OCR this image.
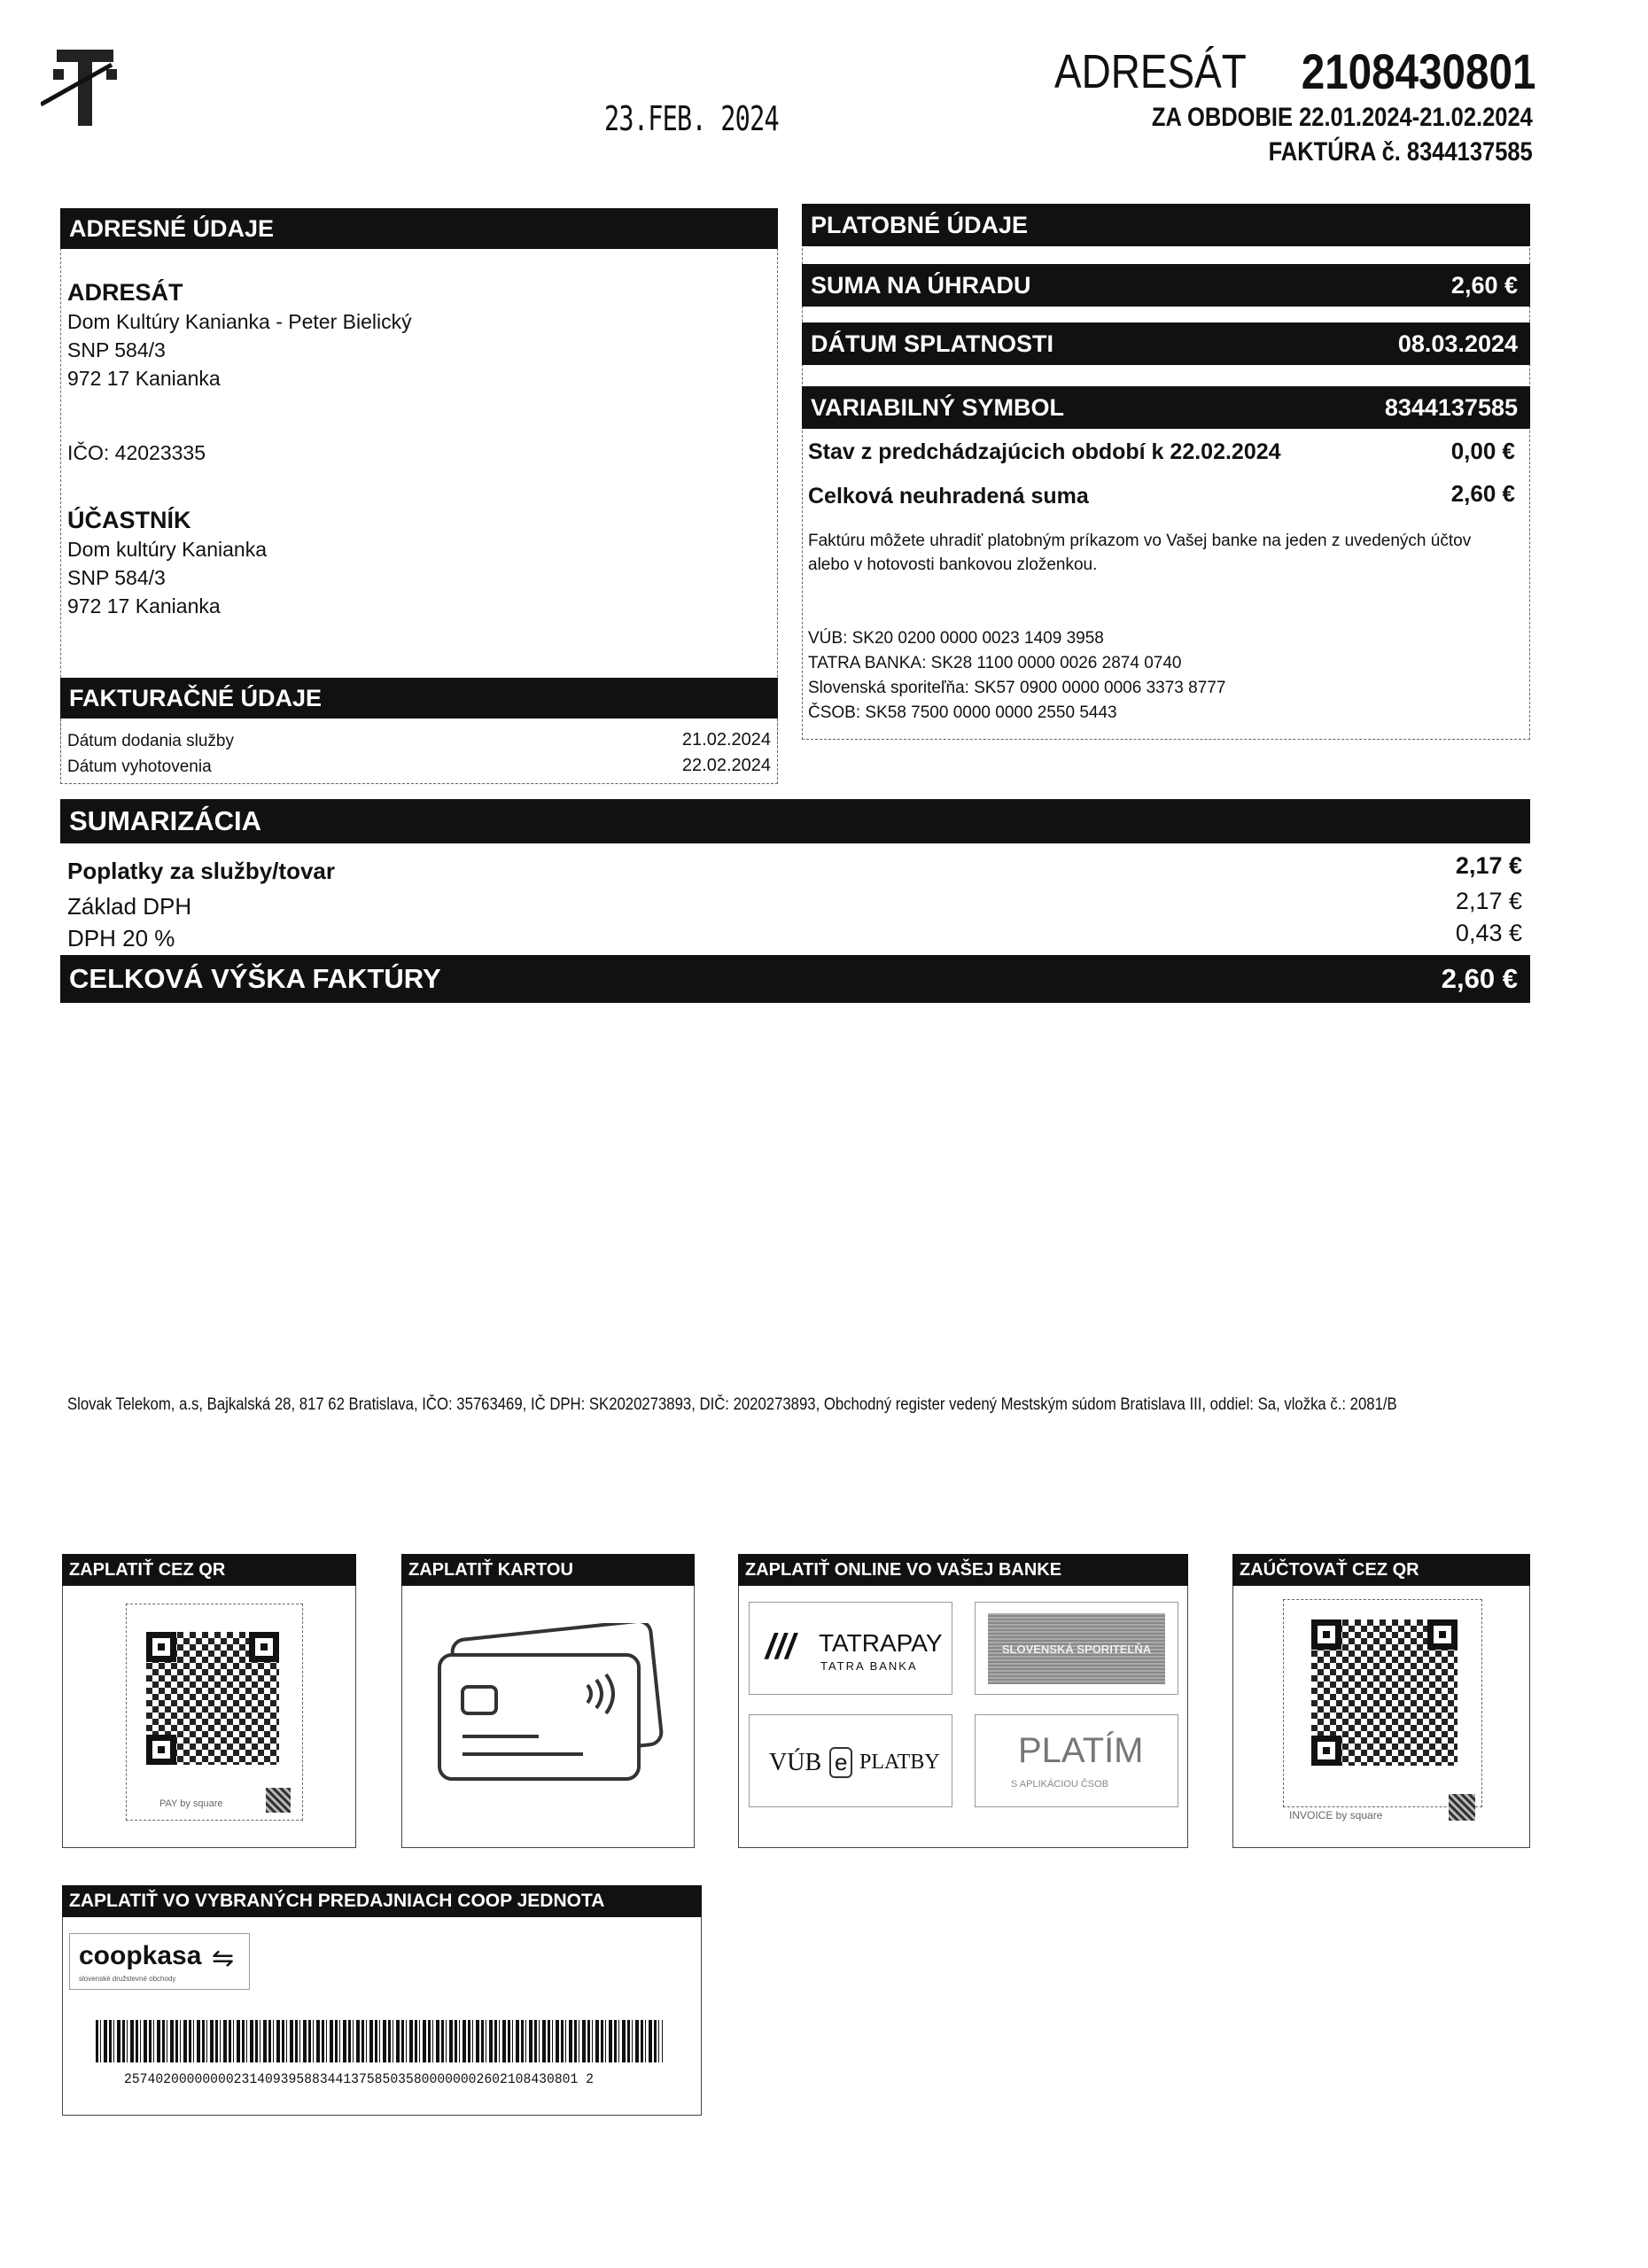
23.FEB. 2024
ADRESÁT 2108430801
ZA OBDOBIE 22.01.2024-21.02.2024
FAKTÚRA č. 8344137585
ADRESNÉ ÚDAJE
ADRESÁT
Dom Kultúry Kanianka - Peter Bielický
SNP 584/3
972 17 Kanianka
IČO: 42023335
ÚČASTNÍK
Dom kultúry Kanianka
SNP 584/3
972 17 Kanianka
FAKTURAČNÉ ÚDAJE
Dátum dodania služby	21.02.2024
Dátum vyhotovenia	22.02.2024
PLATOBNÉ ÚDAJE
SUMA NA ÚHRADU	2,60 €
DÁTUM SPLATNOSTI	08.03.2024
VARIABILNÝ SYMBOL	8344137585
Stav z predchádzajúcich období k 22.02.2024	0,00 €
Celková neuhradená suma	2,60 €
Faktúru môžete uhradiť platobným príkazom vo Vašej banke na jeden z uvedených účtov
alebo v hotovosti bankovou zloženkou.
VÚB: SK20 0200 0000 0023 1409 3958
TATRA BANKA: SK28 1100 0000 0026 2874 0740
Slovenská sporiteľňa: SK57 0900 0000 0006 3373 8777
ČSOB: SK58 7500 0000 0000 2550 5443
SUMARIZÁCIA
Poplatky za služby/tovar	2,17 €
Základ DPH	2,17 €
DPH 20 %	0,43 €
CELKOVÁ VÝŠKA FAKTÚRY	2,60 €
Slovak Telekom, a.s, Bajkalská 28, 817 62 Bratislava, IČO: 35763469, IČ DPH: SK2020273893, DIČ: 2020273893, Obchodný register vedený Mestským súdom Bratislava III, oddiel: Sa, vložka č.: 2081/B
ZAPLATIŤ CEZ QR
PAY by square
ZAPLATIŤ KARTOU	ZAPLATIŤ ONLINE VO VAŠEJ BANKE
/// TATRAPAY
TATRA BANKA
SLOVENSKÁ SPORITEĽŇA
VÚB e PLATBY PLATÍM
S APLIKÁCIOU ČSOB
ZAÚČTOVAŤ CEZ QR
INVOICE by square
ZAPLATIŤ VO VYBRANÝCH PREDAJNIACH COOP JEDNOTA
coopkasa
slovenské družstevné obchody
⇋
2574020000000023140939588344137585035800000002602108430801 2
